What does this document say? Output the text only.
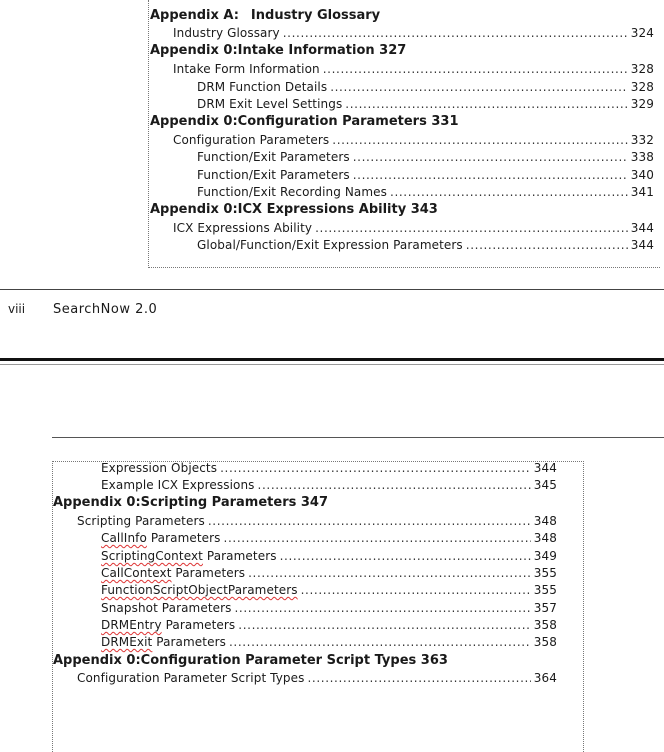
Appendix A: Industry Glossary
Industry Glossary . . .	324
Appendix 0:Intake Information 327
Intake Form Information . . .	328
DRM Function Details . . .	328
DRM Exit Level Settings . . .	329
Appendix 0:Configuration Parameters 331
Configuration Parameters . . .	332
Function/Exit Parameters . . .	338
Function/Exit Parameters . . .	340
Function/Exit Recording Names . . .	341
Appendix 0:ICX Expressions Ability 343
ICX Expressions Ability . . .	344
Global/Function/Exit Expression Parameters . . .	344
viii SearchNow 2.0
Expression Objects . . .	344
Example ICX Expressions . . .	345
Appendix 0:Scripting Parameters 347
Scripting Parameters . . .	348
CallInfo Parameters . . .	348
ScriptingContext Parameters . . .	349
CallContext Parameters . . .	355
FunctionScriptObjectParameters . . .	355
Snapshot Parameters . . .	357
DRMEntry Parameters . . .	358
DRMExit Parameters . . .	358
Appendix 0:Configuration Parameter Script Types 363
Configuration Parameter Script Types . . .	364
